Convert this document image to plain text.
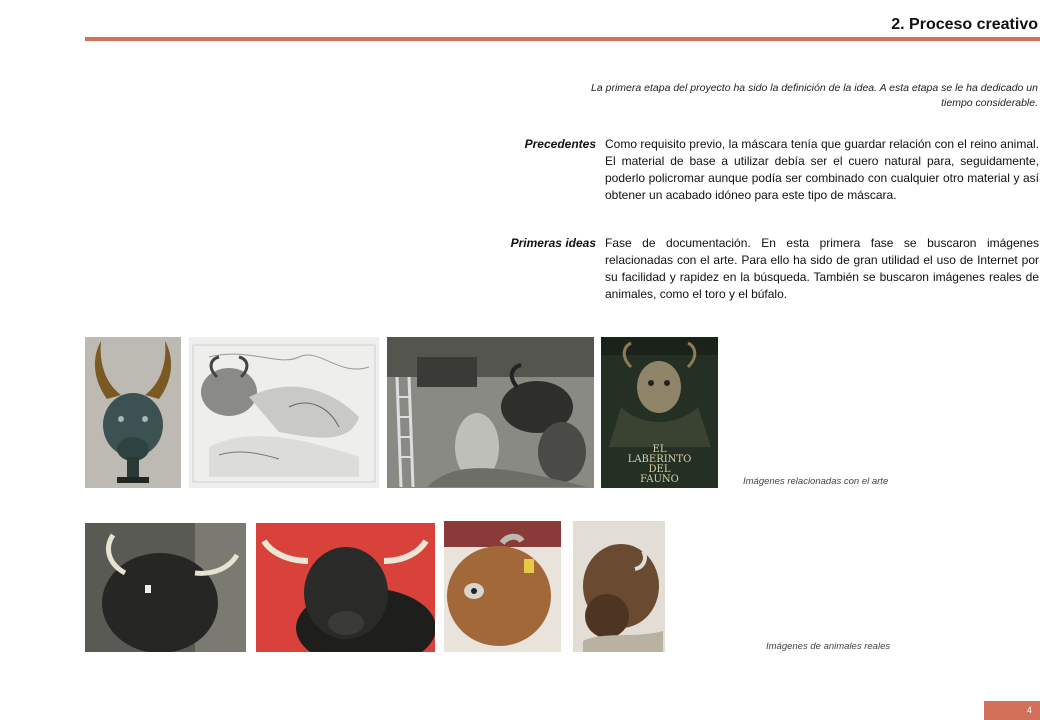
2. Proceso creativo
La primera etapa del proyecto ha sido la definición de la idea. A esta etapa se le ha dedicado un tiempo considerable.
Precedentes Como requisito previo, la máscara tenía que guardar relación con el reino animal. El material de base a utilizar debía ser el cuero natural para, seguidamente, poderlo policromar aunque podía ser combinado con cualquier otro material y así obtener un acabado idóneo para este tipo de máscara.
Primeras ideas Fase de documentación. En esta primera fase se buscaron imágenes relacionadas con el arte. Para ello ha sido de gran utilidad el uso de Internet por su facilidad y rapidez en la búsqueda. También se buscaron imágenes reales de animales, como el toro y el búfalo.
EL
LABERINTO
DEL
FAUNO	Imágenes relacionadas con el arte
Imágenes de animales reales
4
